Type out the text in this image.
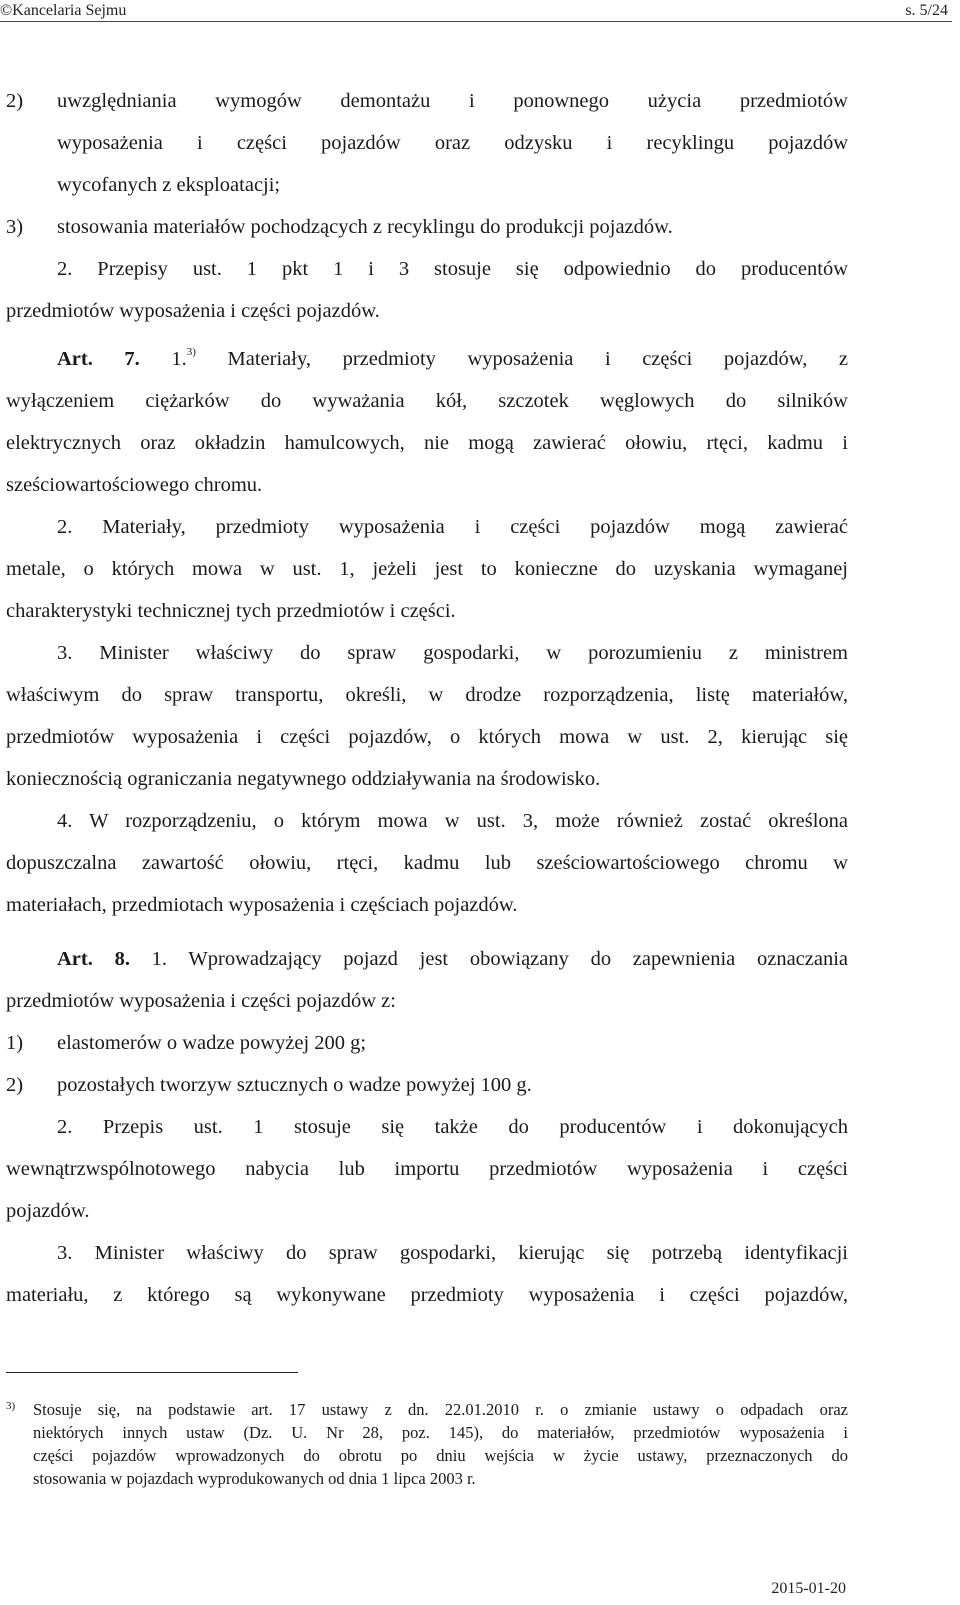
©Kancelaria Sejmu	s. 5/24
2) uwzględniania wymogów demontażu i ponownego użycia przedmiotów
wyposażenia i części pojazdów oraz odzysku i recyklingu pojazdów
wycofanych z eksploatacji;
3) stosowania materiałów pochodzących z recyklingu do produkcji pojazdów.
2. Przepisy ust. 1 pkt 1 i 3 stosuje się odpowiednio do producentów
przedmiotów wyposażenia i części pojazdów.
Art. 7. 1.$^{3)}$ Materiały, przedmioty wyposażenia i części pojazdów, z
wyłączeniem ciężarków do wyważania kół, szczotek węglowych do silników
elektrycznych oraz okładzin hamulcowych, nie mogą zawierać ołowiu, rtęci, kadmu i
sześciowartościowego chromu.
2. Materiały, przedmioty wyposażenia i części pojazdów mogą zawierać
metale, o których mowa w ust. 1, jeżeli jest to konieczne do uzyskania wymaganej
charakterystyki technicznej tych przedmiotów i części.
3. Minister właściwy do spraw gospodarki, w porozumieniu z ministrem
właściwym do spraw transportu, określi, w drodze rozporządzenia, listę materiałów,
przedmiotów wyposażenia i części pojazdów, o których mowa w ust. 2, kierując się
koniecznością ograniczania negatywnego oddziaływania na środowisko.
4. W rozporządzeniu, o którym mowa w ust. 3, może również zostać określona
dopuszczalna zawartość ołowiu, rtęci, kadmu lub sześciowartościowego chromu w
materiałach, przedmiotach wyposażenia i częściach pojazdów.
Art. 8. 1. Wprowadzający pojazd jest obowiązany do zapewnienia oznaczania
przedmiotów wyposażenia i części pojazdów z:
1) elastomerów o wadze powyżej 200 g;
2) pozostałych tworzyw sztucznych o wadze powyżej 100 g.
2. Przepis ust. 1 stosuje się także do producentów i dokonujących
wewnątrzwspólnotowego nabycia lub importu przedmiotów wyposażenia i części
pojazdów.
3. Minister właściwy do spraw gospodarki, kierując się potrzebą identyfikacji
materiału, z którego są wykonywane przedmioty wyposażenia i części pojazdów,
3)	Stosuje się, na podstawie art. 17 ustawy z dn. 22.01.2010 r. o zmianie ustawy o odpadach oraz
niektórych innych ustaw (Dz. U. Nr 28, poz. 145), do materiałów, przedmiotów wyposażenia i
części pojazdów wprowadzonych do obrotu po dniu wejścia w życie ustawy, przeznaczonych do
stosowania w pojazdach wyprodukowanych od dnia 1 lipca 2003 r.
2015-01-20
